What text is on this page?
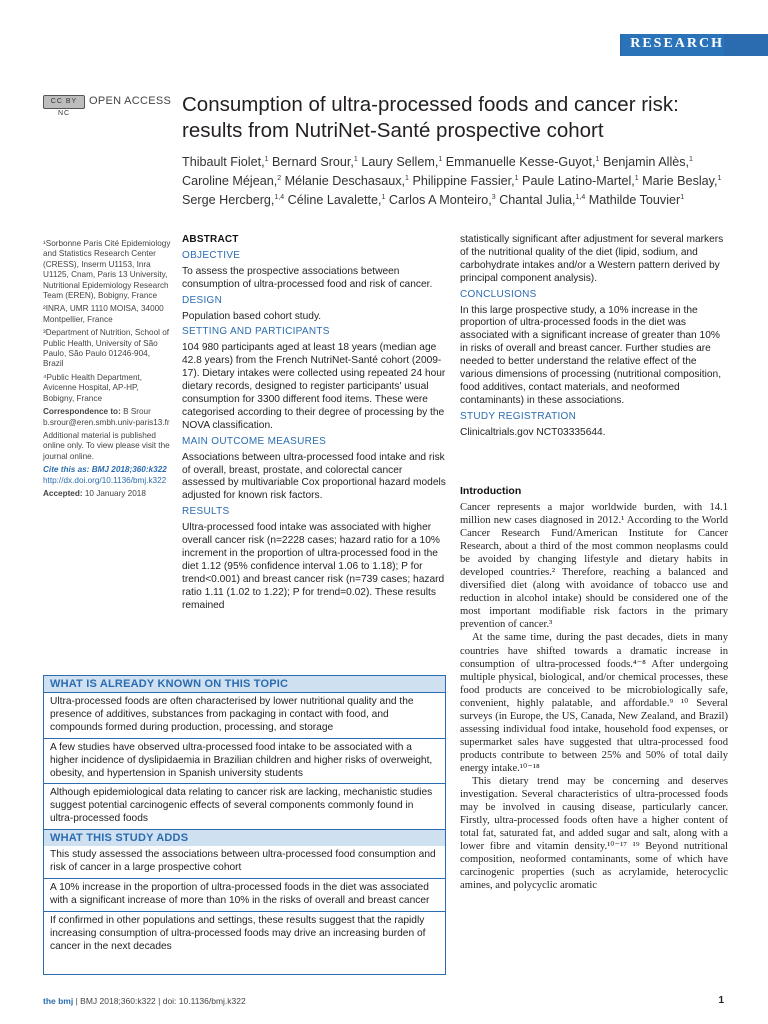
RESEARCH
CC BY NC
OPEN ACCESS Consumption of ultra-processed foods and cancer risk: results from NutriNet-Santé prospective cohort
Thibault Fiolet,$^1$ Bernard Srour,$^1$ Laury Sellem,$^1$ Emmanuelle Kesse-Guyot,$^1$ Benjamin Allès,$^1$ Caroline Méjean,$^2$ Mélanie Deschasaux,$^1$ Philippine Fassier,$^1$ Paule Latino-Martel,$^1$ Marie Beslay,$^1$ Serge Hercberg,$^{1,4}$ Céline Lavalette,$^1$ Carlos A Monteiro,$^3$ Chantal Julia,$^{1,4}$ Mathilde Touvier$^1$

¹Sorbonne Paris Cité Epidemiology and Statistics Research Center (CRESS), Inserm U1153, Inra U1125, Cnam, Paris 13 University, Nutritional Epidemiology Research Team (EREN), Bobigny, France

²INRA, UMR 1110 MOISA, 34000 Montpellier, France

³Department of Nutrition, School of Public Health, University of São Paulo, São Paulo 01246-904, Brazil

⁴Public Health Department, Avicenne Hospital, AP-HP, Bobigny, France

Correspondence to: B Srour
b.srour@eren.smbh.univ-paris13.fr

Additional material is published online only. To view please visit the journal online.

Cite this as: BMJ 2018;360:k322
http://dx.doi.org/10.1136/bmj.k322

Accepted: 10 January 2018

ABSTRACT

OBJECTIVE

To assess the prospective associations between consumption of ultra-processed food and risk of cancer.

DESIGN

Population based cohort study.

SETTING AND PARTICIPANTS

104 980 participants aged at least 18 years (median age 42.8 years) from the French NutriNet-Santé cohort (2009-17). Dietary intakes were collected using repeated 24 hour dietary records, designed to register participants' usual consumption for 3300 different food items. These were categorised according to their degree of processing by the NOVA classification.

MAIN OUTCOME MEASURES

Associations between ultra-processed food intake and risk of overall, breast, prostate, and colorectal cancer assessed by multivariable Cox proportional hazard models adjusted for known risk factors.

RESULTS

Ultra-processed food intake was associated with higher overall cancer risk (n=2228 cases; hazard ratio for a 10% increment in the proportion of ultra-processed food in the diet 1.12 (95% confidence interval 1.06 to 1.18); P for trend<0.001) and breast cancer risk (n=739 cases; hazard ratio 1.11 (1.02 to 1.22); P for trend=0.02). These results remained

statistically significant after adjustment for several markers of the nutritional quality of the diet (lipid, sodium, and carbohydrate intakes and/or a Western pattern derived by principal component analysis).

CONCLUSIONS

In this large prospective study, a 10% increase in the proportion of ultra-processed foods in the diet was associated with a significant increase of greater than 10% in risks of overall and breast cancer. Further studies are needed to better understand the relative effect of the various dimensions of processing (nutritional composition, food additives, contact materials, and neoformed contaminants) in these associations.

STUDY REGISTRATION

Clinicaltrials.gov NCT03335644.

Introduction

Cancer represents a major worldwide burden, with 14.1 million new cases diagnosed in 2012.¹ According to the World Cancer Research Fund/American Institute for Cancer Research, about a third of the most common neoplasms could be avoided by changing lifestyle and dietary habits in developed countries.² Therefore, reaching a balanced and diversified diet (along with avoidance of tobacco use and reduction in alcohol intake) should be considered one of the most important modifiable risk factors in the primary prevention of cancer.³

At the same time, during the past decades, diets in many countries have shifted towards a dramatic increase in consumption of ultra-processed foods.⁴⁻⁸ After undergoing multiple physical, biological, and/or chemical processes, these food products are conceived to be microbiologically safe, convenient, highly palatable, and affordable.⁹ ¹⁰ Several surveys (in Europe, the US, Canada, New Zealand, and Brazil) assessing individual food intake, household food expenses, or supermarket sales have suggested that ultra-processed food products contribute to between 25% and 50% of total daily energy intake.¹⁰⁻¹⁸

This dietary trend may be concerning and deserves investigation. Several characteristics of ultra-processed foods may be involved in causing disease, particularly cancer. Firstly, ultra-processed foods often have a higher content of total fat, saturated fat, and added sugar and salt, along with a lower fibre and vitamin density.¹⁰⁻¹⁷ ¹⁹ Beyond nutritional composition, neoformed contaminants, some of which have carcinogenic properties (such as acrylamide, heterocyclic amines, and polycyclic aromatic

WHAT IS ALREADY KNOWN ON THIS TOPIC
Ultra-processed foods are often characterised by lower nutritional quality and the presence of additives, substances from packaging in contact with food, and compounds formed during production, processing, and storage
A few studies have observed ultra-processed food intake to be associated with a higher incidence of dyslipidaemia in Brazilian children and higher risks of overweight, obesity, and hypertension in Spanish university students
Although epidemiological data relating to cancer risk are lacking, mechanistic studies suggest potential carcinogenic effects of several components commonly found in ultra-processed foods
WHAT THIS STUDY ADDS
This study assessed the associations between ultra-processed food consumption and risk of cancer in a large prospective cohort
A 10% increase in the proportion of ultra-processed foods in the diet was associated with a significant increase of more than 10% in the risks of overall and breast cancer
If confirmed in other populations and settings, these results suggest that the rapidly increasing consumption of ultra-processed foods may drive an increasing burden of cancer in the next decades
the bmj | BMJ 2018;360:k322 | doi: 10.1136/bmj.k322	1
